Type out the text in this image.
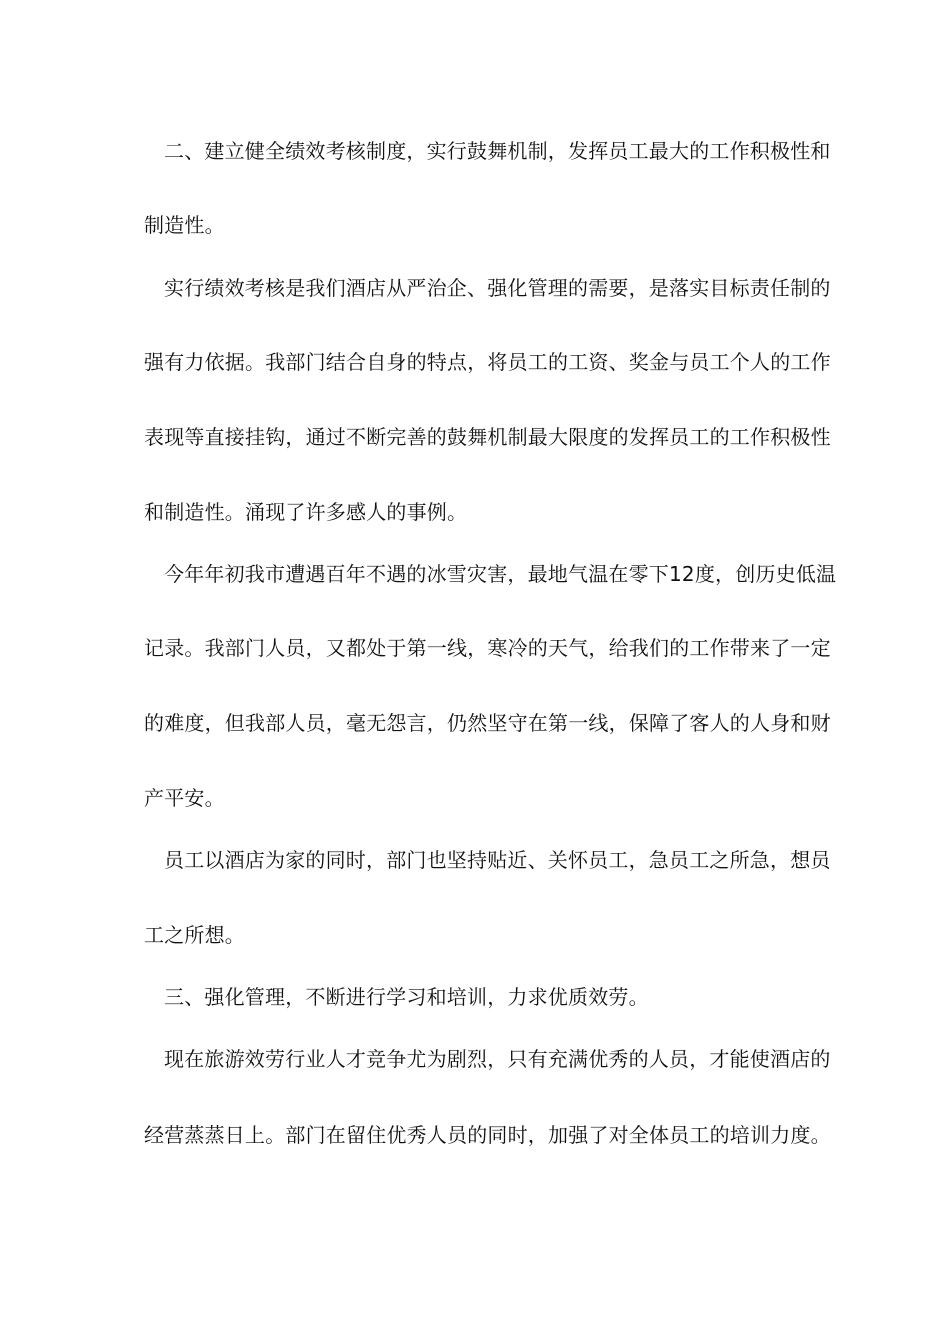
二、建立健全绩效考核制度，实行鼓舞机制，发挥员工最大的工作积极性和
制造性。
实行绩效考核是我们酒店从严治企、强化管理的需要，是落实目标责任制的
强有力依据。我部门结合自身的特点，将员工的工资、奖金与员工个人的工作
表现等直接挂钩，通过不断完善的鼓舞机制最大限度的发挥员工的工作积极性
和制造性。涌现了许多感人的事例。
今年年初我市遭遇百年不遇的冰雪灾害，最地气温在零下12度，创历史低温
记录。我部门人员，又都处于第一线，寒冷的天气，给我们的工作带来了一定
的难度，但我部人员，毫无怨言，仍然坚守在第一线，保障了客人的人身和财
产平安。
员工以酒店为家的同时，部门也坚持贴近、关怀员工，急员工之所急，想员
工之所想。
三、强化管理，不断进行学习和培训，力求优质效劳。
现在旅游效劳行业人才竞争尤为剧烈，只有充满优秀的人员，才能使酒店的
经营蒸蒸日上。部门在留住优秀人员的同时，加强了对全体员工的培训力度。
